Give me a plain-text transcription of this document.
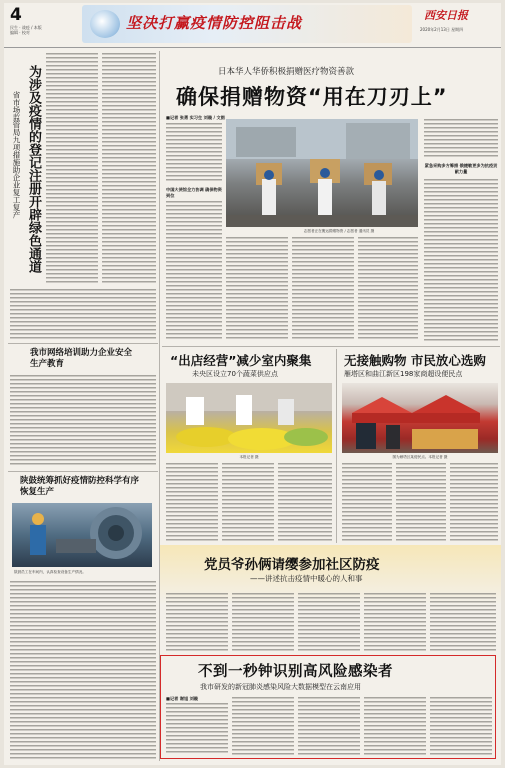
4
民生 · 战疫 / 本版编辑 · 校对
坚决打赢疫情防控阻击战	西安日报
2020年2月13日 星期四
为涉及疫情的登记注册开辟绿色通道
省市场监管局九项措施助企业复工复产
我市网络培训助力企业安全生产教育
陕鼓统筹抓好疫情防控科学有序恢复生产
陕鼓员工在车间内，认真检查设备生产情况。
日本华人华侨积极捐赠医疗物资善款
确保捐赠物资“用在刀刃上”
■记者 张勇 实习生 刘璇 / 文图
中国大使馆全力协调 确保物资到位
志愿者正在搬运捐赠物资 / 志愿者 通讯员 摄
紧急采购多方筹措 俄捷敏更多为抗疫贡献力量
“出店经营”减少室内聚集
未央区设立70个蔬菜供应点
本报记者 摄
无接触购物 市民放心选购
雁塔区和曲江新区198家商超设便民点
图为雁塔区某便民点。本报记者 摄
党员爷孙俩请缨参加社区防疫
——讲述抗击疫情中暖心的人和事
不到一秒钟识别高风险感染者
我市研发的新冠肺炎感染风险大数据模型在云南应用
■记者 谢旭 刘璇
